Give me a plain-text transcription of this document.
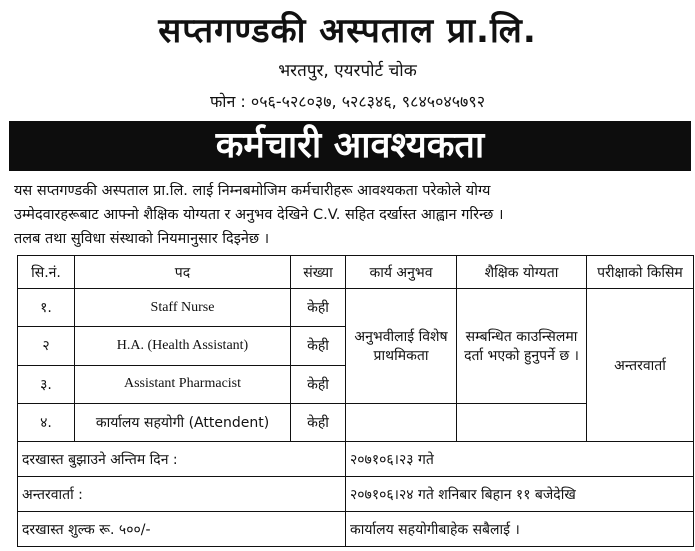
सप्तगण्डकी अस्पताल प्रा.लि.
भरतपुर, एयरपोर्ट चोक
फोन : ०५६-५२८०३७, ५२८३४६, ९८४५०४५७९२
कर्मचारी आवश्यकता

यस सप्तगण्डकी अस्पताल प्रा.लि. लाई निम्नबमोजिम कर्मचारीहरू आवश्यकता परेकोले योग्य

उम्मेदवारहरूबाट आफ्नो शैक्षिक योग्यता र अनुभव देखिने C.V. सहित दर्खास्त आह्वान गरिन्छ ।

तलब तथा सुविधा संस्थाको नियमानुसार दिइनेछ ।

सि.नं.	पद	संख्या	कार्य अनुभव	शैक्षिक योग्यता	परीक्षाको किसिम
१.	Staff Nurse	केही	अनुभवीलाई विशेष प्राथमिकता	सम्बन्धित काउन्सिलमा दर्ता भएको हुनुपर्ने छ ।	अन्तरवार्ता
२	H.A. (Health Assistant)	केही			
३.	Assistant Pharmacist	केही			
४.	कार्यालय सहयोगी (Attendent)	केही			
दरखास्त बुझाउने अन्तिम दिन :			२०७१०६।२३ गते		
अन्तरवार्ता :			२०७१०६।२४ गते शनिबार बिहान ११ बजेदेखि		
दरखास्त शुल्क रू. ५००/-			कार्यालय सहयोगीबाहेक सबैलाई ।		
